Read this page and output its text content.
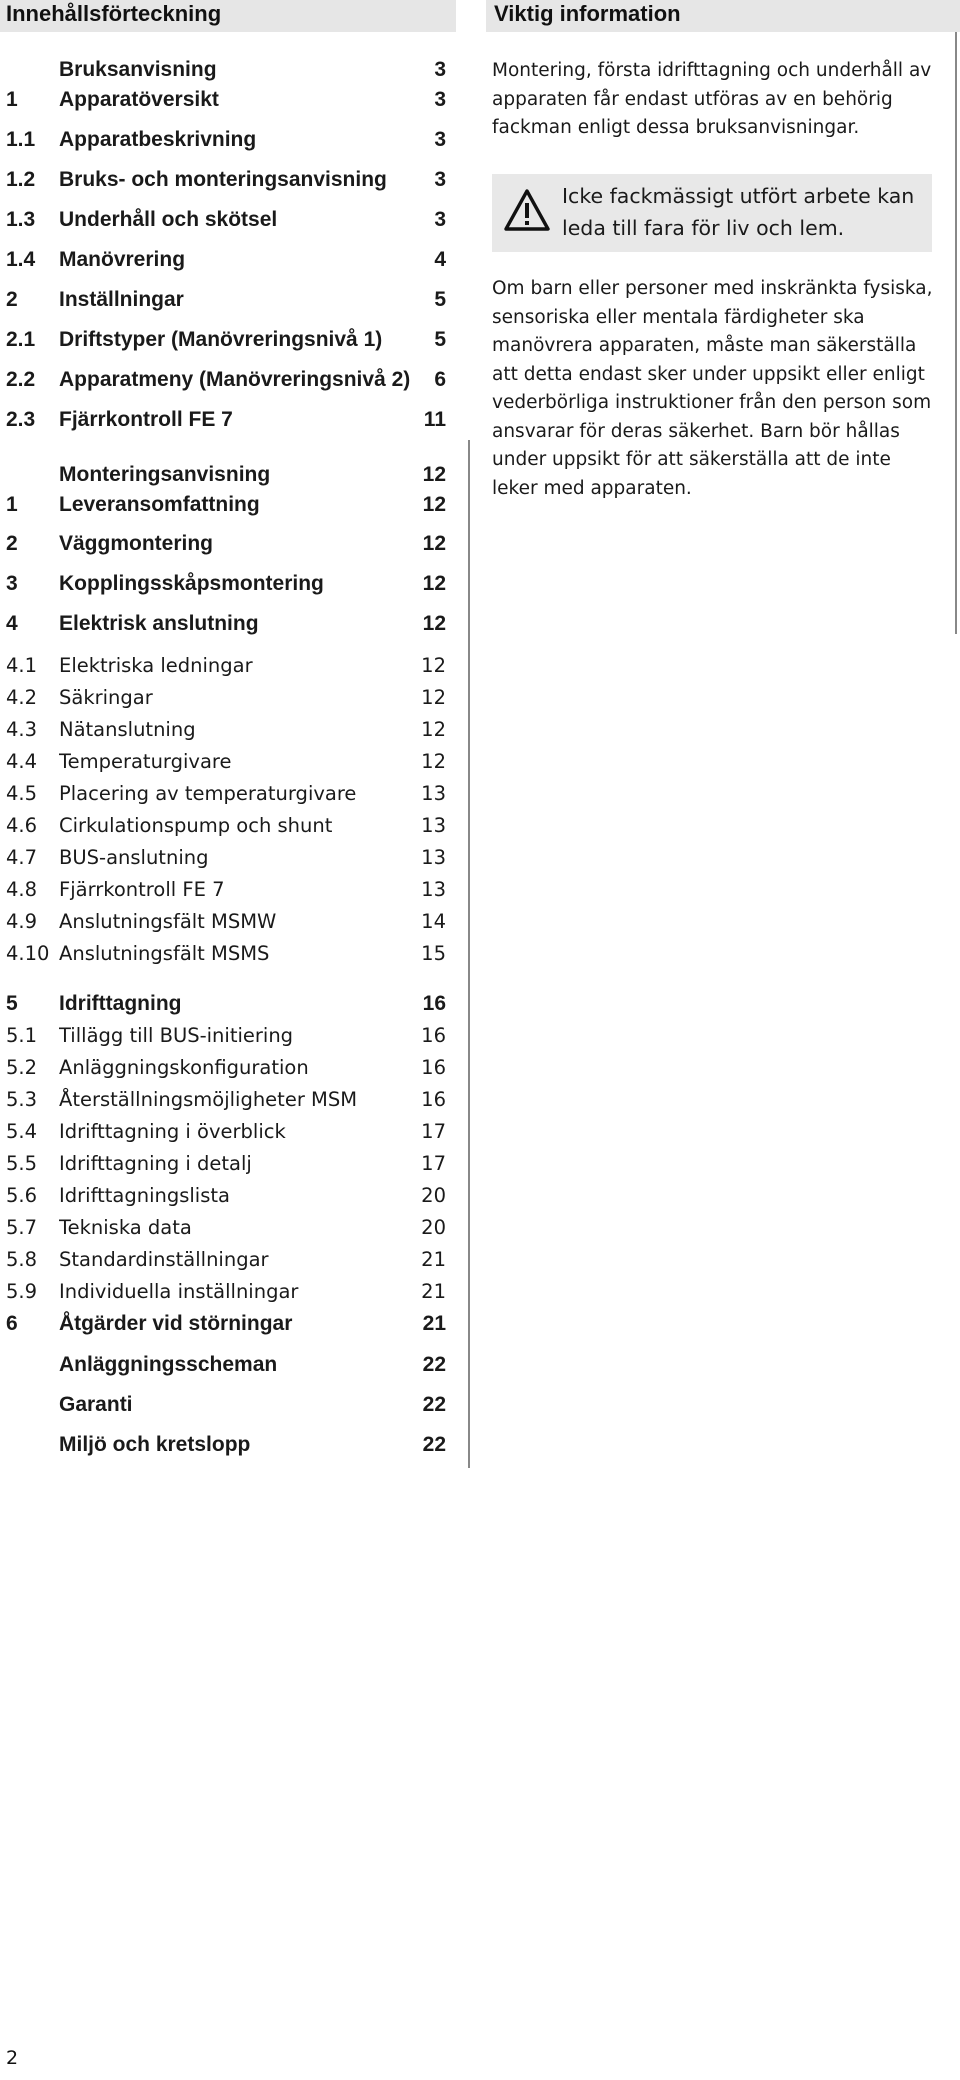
Innehållsförteckning	Viktig information
Bruksanvisning	3
1	Apparatöversikt	3
1.1	Apparatbeskrivning	3
1.2	Bruks- och monteringsanvisning	3
1.3	Underhåll och skötsel	3
1.4	Manövrering	4
2	Inställningar	5
2.1	Driftstyper (Manövreringsnivå 1)	5
2.2	Apparatmeny (Manövreringsnivå 2)	6
2.3	Fjärrkontroll FE 7	11
Monteringsanvisning	12
1	Leveransomfattning	12
2	Väggmontering	12
3	Kopplingsskåpsmontering	12
4	Elektrisk anslutning	12
4.1	Elektriska ledningar	12
4.2	Säkringar	12
4.3	Nätanslutning	12
4.4	Temperaturgivare	12
4.5	Placering av temperaturgivare	13
4.6	Cirkulationspump och shunt	13
4.7	BUS-anslutning	13
4.8	Fjärrkontroll FE 7	13
4.9	Anslutningsfält MSMW	14
4.10 Anslutningsfält MSMS	15
5	Idrifttagning	16
5.1	Tillägg till BUS-initiering	16
5.2	Anläggningskonfiguration	16
5.3	Återställningsmöjligheter MSM	16
5.4	Idrifttagning i överblick	17
5.5	Idrifttagning i detalj	17
5.6	Idrifttagningslista	20
5.7	Tekniska data	20
5.8	Standardinställningar	21
5.9	Individuella inställningar	21
6	Åtgärder vid störningar	21
Anläggningsscheman	22
Garanti	22
Miljö och kretslopp	22
Montering, första idrifttagning och underhåll av apparaten får endast utföras av en behörig fackman enligt dessa bruksanvisningar.
Icke fackmässigt utfört arbete kan leda till fara för liv och lem.
Om barn eller personer med inskränkta fysiska, sensoriska eller mentala färdigheter ska manövrera apparaten, måste man säkerställa att detta endast sker under uppsikt eller enligt vederbörliga instruktioner från den person som ansvarar för deras säkerhet. Barn bör hållas under uppsikt för att säkerställa att de inte leker med apparaten.
2
